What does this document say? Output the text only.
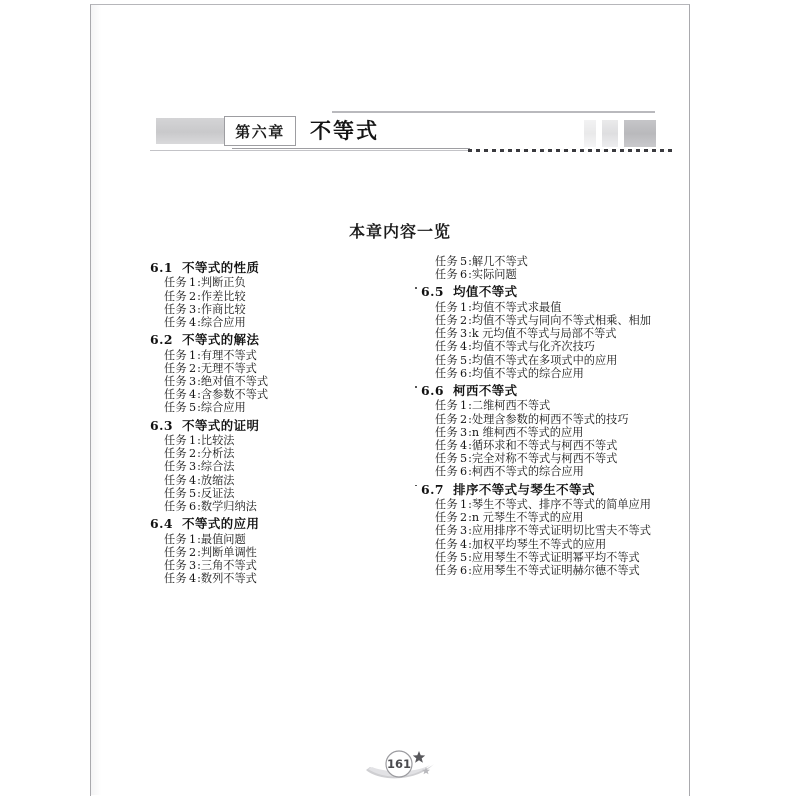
第六章 不等式
本章内容一览
6.1 不等式的性质
任务 1:判断正负
任务 2:作差比较
任务 3:作商比较
任务 4:综合应用
6.2 不等式的解法
任务 1:有理不等式
任务 2:无理不等式
任务 3:绝对值不等式
任务 4:含参数不等式
任务 5:综合应用
6.3 不等式的证明
任务 1:比较法
任务 2:分析法
任务 3:综合法
任务 4:放缩法
任务 5:反证法
任务 6:数学归纳法
6.4 不等式的应用
任务 1:最值问题
任务 2:判断单调性
任务 3:三角不等式
任务 4:数列不等式
任务 5:解几不等式
任务 6:实际问题
6.5 均值不等式
任务 1:均值不等式求最值
任务 2:均值不等式与同向不等式相乘、相加
任务 3:k 元均值不等式与局部不等式
任务 4:均值不等式与化齐次技巧
任务 5:均值不等式在多项式中的应用
任务 6:均值不等式的综合应用
6.6 柯西不等式
任务 1:二维柯西不等式
任务 2:处理含参数的柯西不等式的技巧
任务 3:n 维柯西不等式的应用
任务 4:循环求和不等式与柯西不等式
任务 5:完全对称不等式与柯西不等式
任务 6:柯西不等式的综合应用
6.7 排序不等式与琴生不等式
任务 1:琴生不等式、排序不等式的简单应用
任务 2:n 元琴生不等式的应用
任务 3:应用排序不等式证明切比雪夫不等式
任务 4:加权平均琴生不等式的应用
任务 5:应用琴生不等式证明幂平均不等式
任务 6:应用琴生不等式证明赫尔德不等式
161
